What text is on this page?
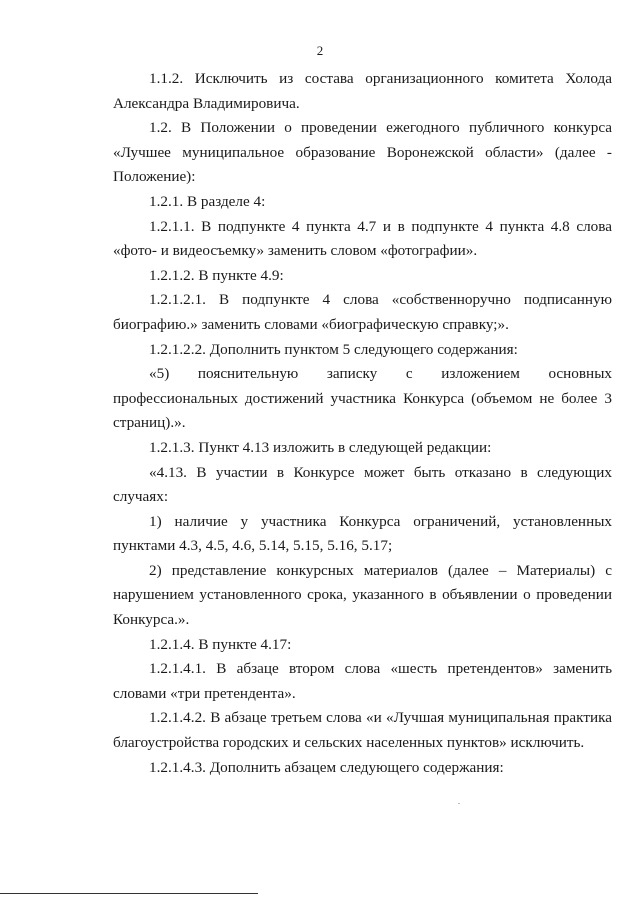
2

1.1.2. Исключить из состава организационного комитета Холода Александра Владимировича.

1.2. В Положении о проведении ежегодного публичного конкурса «Лучшее муниципальное образование Воронежской области» (далее - Положение):

1.2.1. В разделе 4:

1.2.1.1. В подпункте 4 пункта 4.7 и в подпункте 4 пункта 4.8 слова «фото- и видеосъемку» заменить словом «фотографии».

1.2.1.2. В пункте 4.9:

1.2.1.2.1. В подпункте 4 слова «собственноручно подписанную биографию.» заменить словами «биографическую справку;».

1.2.1.2.2. Дополнить пунктом 5 следующего содержания:

«5) пояснительную записку с изложением основных профессиональных достижений участника Конкурса (объемом не более 3 страниц).».

1.2.1.3. Пункт 4.13 изложить в следующей редакции:

«4.13. В участии в Конкурсе может быть отказано в следующих случаях:

1) наличие у участника Конкурса ограничений, установленных пунктами 4.3, 4.5, 4.6, 5.14, 5.15, 5.16, 5.17;

2) представление конкурсных материалов (далее – Материалы) с нарушением установленного срока, указанного в объявлении о проведении Конкурса.».

1.2.1.4. В пункте 4.17:

1.2.1.4.1. В абзаце втором слова «шесть претендентов» заменить словами «три претендента».

1.2.1.4.2. В абзаце третьем слова «и «Лучшая муниципальная практика благоустройства городских и сельских населенных пунктов» исключить.

1.2.1.4.3. Дополнить абзацем следующего содержания:
